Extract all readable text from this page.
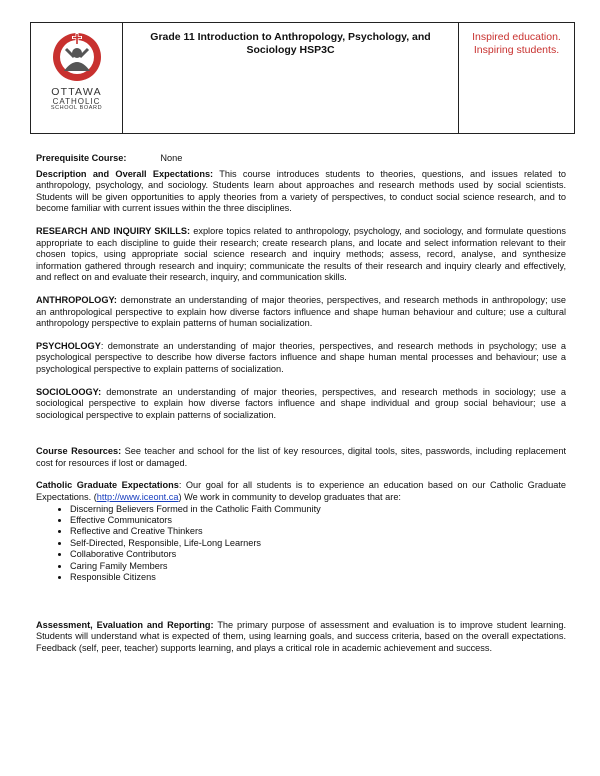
OTTAWA
CATHOLIC
SCHOOL BOARD
Grade 11 Introduction to Anthropology, Psychology, and Sociology HSP3C
Inspired education.
Inspiring students.

Prerequisite Course:	None

Description and Overall Expectations: This course introduces students to theories, questions, and issues related to anthropology, psychology, and sociology. Students learn about approaches and research methods used by social scientists. Students will be given opportunities to apply theories from a variety of perspectives, to conduct social science research, and to become familiar with current issues within the three disciplines.

RESEARCH AND INQUIRY SKILLS: explore topics related to anthropology, psychology, and sociology, and formulate questions appropriate to each discipline to guide their research; create research plans, and locate and select information relevant to their chosen topics, using appropriate social science research and inquiry methods; assess, record, analyse, and synthesize information gathered through research and inquiry; communicate the results of their research and inquiry clearly and effectively, and reflect on and evaluate their research, inquiry, and communication skills.

ANTHROPOLOGY: demonstrate an understanding of major theories, perspectives, and research methods in anthropology; use an anthropological perspective to explain how diverse factors influence and shape human behaviour and culture; use a cultural anthropology perspective to explain patterns of human socialization.

PSYCHOLOGY: demonstrate an understanding of major theories, perspectives, and research methods in psychology; use a psychological perspective to describe how diverse factors influence and shape human mental processes and behaviour; use a psychological perspective to explain patterns of socialization.

SOCIOLOOGY: demonstrate an understanding of major theories, perspectives, and research methods in sociology; use a sociological perspective to explain how diverse factors influence and shape individual and group social behaviour; use a sociological perspective to explain patterns of socialization.

Course Resources: See teacher and school for the list of key resources, digital tools, sites, passwords, including replacement cost for resources if lost or damaged.

Catholic Graduate Expectations: Our goal for all students is to experience an education based on our Catholic Graduate Expectations. (http://www.iceont.ca) We work in community to develop graduates that are:

• Discerning Believers Formed in the Catholic Faith Community
• Effective Communicators
• Reflective and Creative Thinkers
• Self-Directed, Responsible, Life-Long Learners
• Collaborative Contributors
• Caring Family Members
• Responsible Citizens

Assessment, Evaluation and Reporting: The primary purpose of assessment and evaluation is to improve student learning. Students will understand what is expected of them, using learning goals, and success criteria, based on the overall expectations. Feedback (self, peer, teacher) supports learning, and plays a critical role in academic achievement and success.
